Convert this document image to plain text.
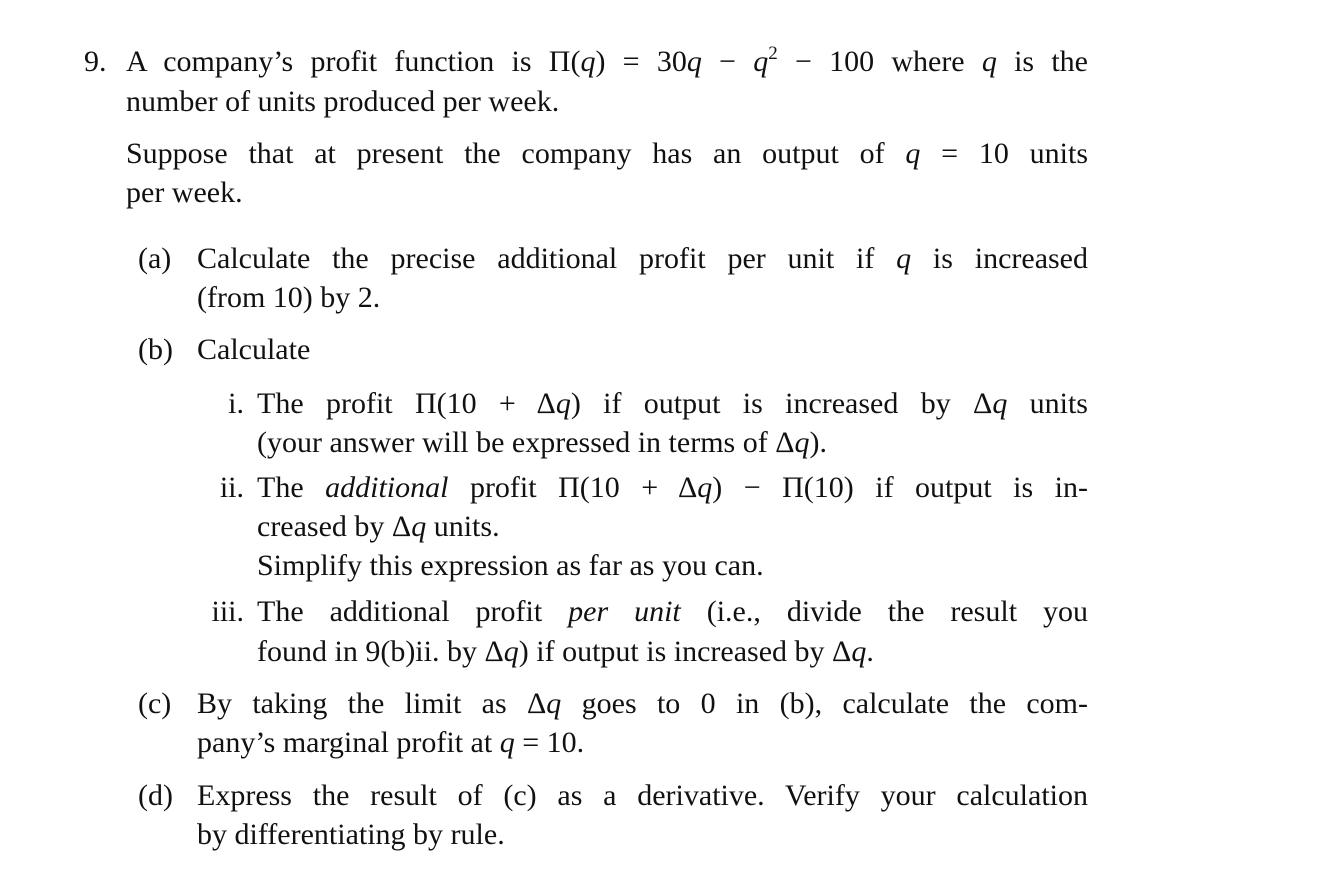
9. A company’s profit function is $\Pi(q) = 30q - q^2 - 100$ where q is the
number of units produced per week.
Suppose that at present the company has an output of q = 10 units
per week.
(a) Calculate the precise additional profit per unit if q is increased
(from 10) by 2.
(b) Calculate
i. The profit Π(10 + Δq) if output is increased by Δq units
(your answer will be expressed in terms of Δq).
ii. The additional profit Π(10 + Δq) − Π(10) if output is in-
creased by Δq units.
Simplify this expression as far as you can.
iii. The additional profit per unit (i.e., divide the result you
found in 9(b)ii. by Δq) if output is increased by Δq.
(c) By taking the limit as Δq goes to 0 in (b), calculate the com-
pany’s marginal profit at q = 10.
(d) Express the result of (c) as a derivative. Verify your calculation
by differentiating by rule.
